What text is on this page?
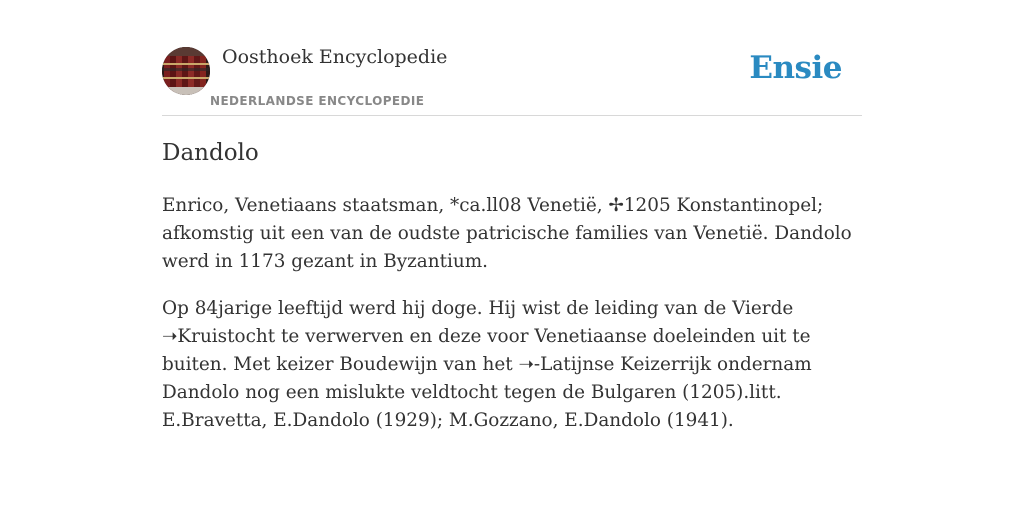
Oosthoek Encyclopedie
NEDERLANDSE ENCYCLOPEDIE
Ensie
Dandolo

Enrico, Venetiaans staatsman, *ca.ll08 Venetië, ✢1205 Konstantinopel; afkomstig uit een van de oudste patricische families van Venetië. Dandolo werd in 1173 gezant in Byzantium.

Op 84jarige leeftijd werd hij doge. Hij wist de leiding van de Vierde ➝Kruistocht te verwerven en deze voor Venetiaanse doeleinden uit te buiten. Met keizer Boudewijn van het ➝-Latijnse Keizerrijk ondernam Dandolo nog een mislukte veldtocht tegen de Bulgaren (1205).litt. E.Bravetta, E.Dandolo (1929); M.Gozzano, E.Dandolo (1941).
